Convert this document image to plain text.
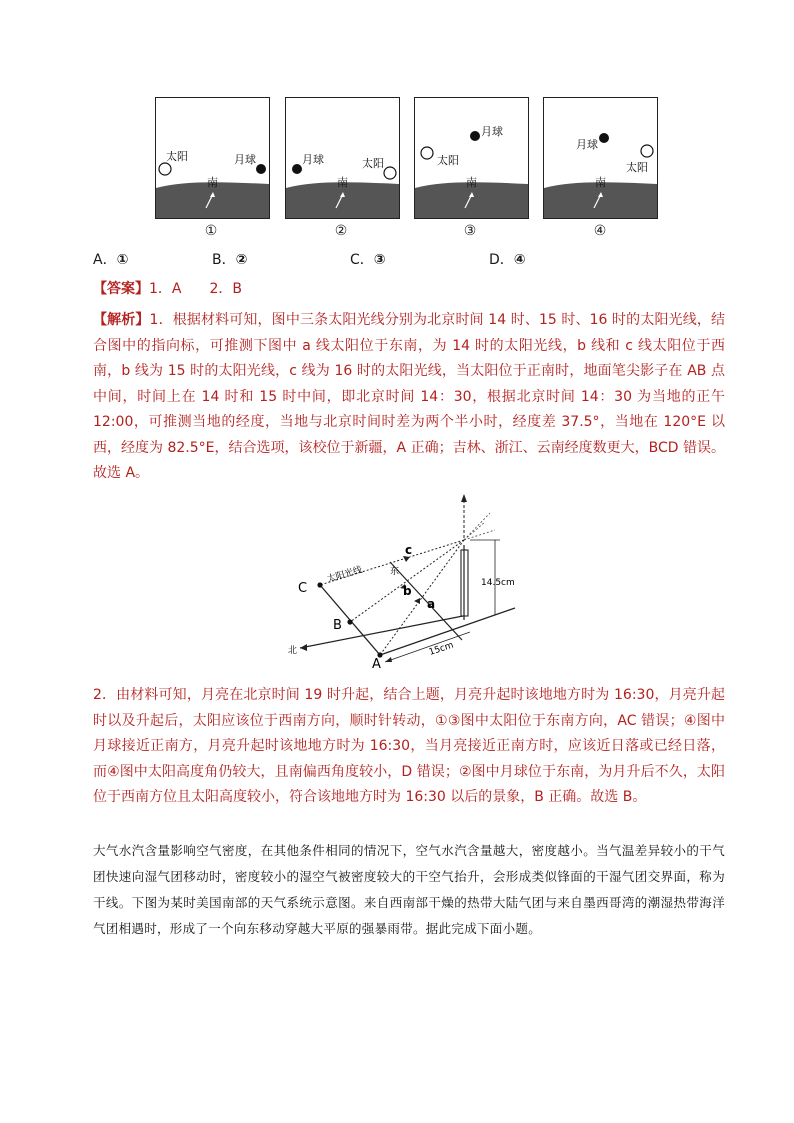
太阳	月球
南
月球	太阳
南
太阳
月球
南
月球
太阳
南
①	②	③	④
A．①	B．②	C．③	D．④

【答案】1．A　　2．B

【解析】1．根据材料可知，图中三条太阳光线分别为北京时间 14 时、15 时、16 时的太阳光线，结合图中的指向标，可推测下图中 a 线太阳位于东南，为 14 时的太阳光线，b 线和 c 线太阳位于西南，b 线为 15 时的太阳光线，c 线为 16 时的太阳光线，当太阳位于正南时，地面笔尖影子在 AB 点中间，时间上在 14 时和 15 时中间，即北京时间 14：30，根据北京时间 14：30 为当地的正午 12:00，可推测当地的经度，当地与北京时间时差为两个半小时，经度差 37.5°，当地在 120°E 以西，经度为 82.5°E，结合选项，该校位于新疆，A 正确；吉林、浙江、云南经度数更大，BCD 错误。故选 A。

C
B
A
c
b
a
太阳光线	东
北
14.5cm
15cm

2．由材料可知，月亮在北京时间 19 时升起，结合上题，月亮升起时该地地方时为 16:30，月亮升起时以及升起后，太阳应该位于西南方向，顺时针转动，①③图中太阳位于东南方向，AC 错误；④图中月球接近正南方，月亮升起时该地地方时为 16:30，当月亮接近正南方时，应该近日落或已经日落，而④图中太阳高度角仍较大，且南偏西角度较小，D 错误；②图中月球位于东南，为月升后不久，太阳位于西南方位且太阳高度较小，符合该地地方时为 16:30 以后的景象，B 正确。故选 B。

大气水汽含量影响空气密度，在其他条件相同的情况下，空气水汽含量越大，密度越小。当气温差异较小的干气团快速向湿气团移动时，密度较小的湿空气被密度较大的干空气抬升，会形成类似锋面的干湿气团交界面，称为干线。下图为某时美国南部的天气系统示意图。来自西南部干燥的热带大陆气团与来自墨西哥湾的潮湿热带海洋气团相遇时，形成了一个向东移动穿越大平原的强暴雨带。据此完成下面小题。
